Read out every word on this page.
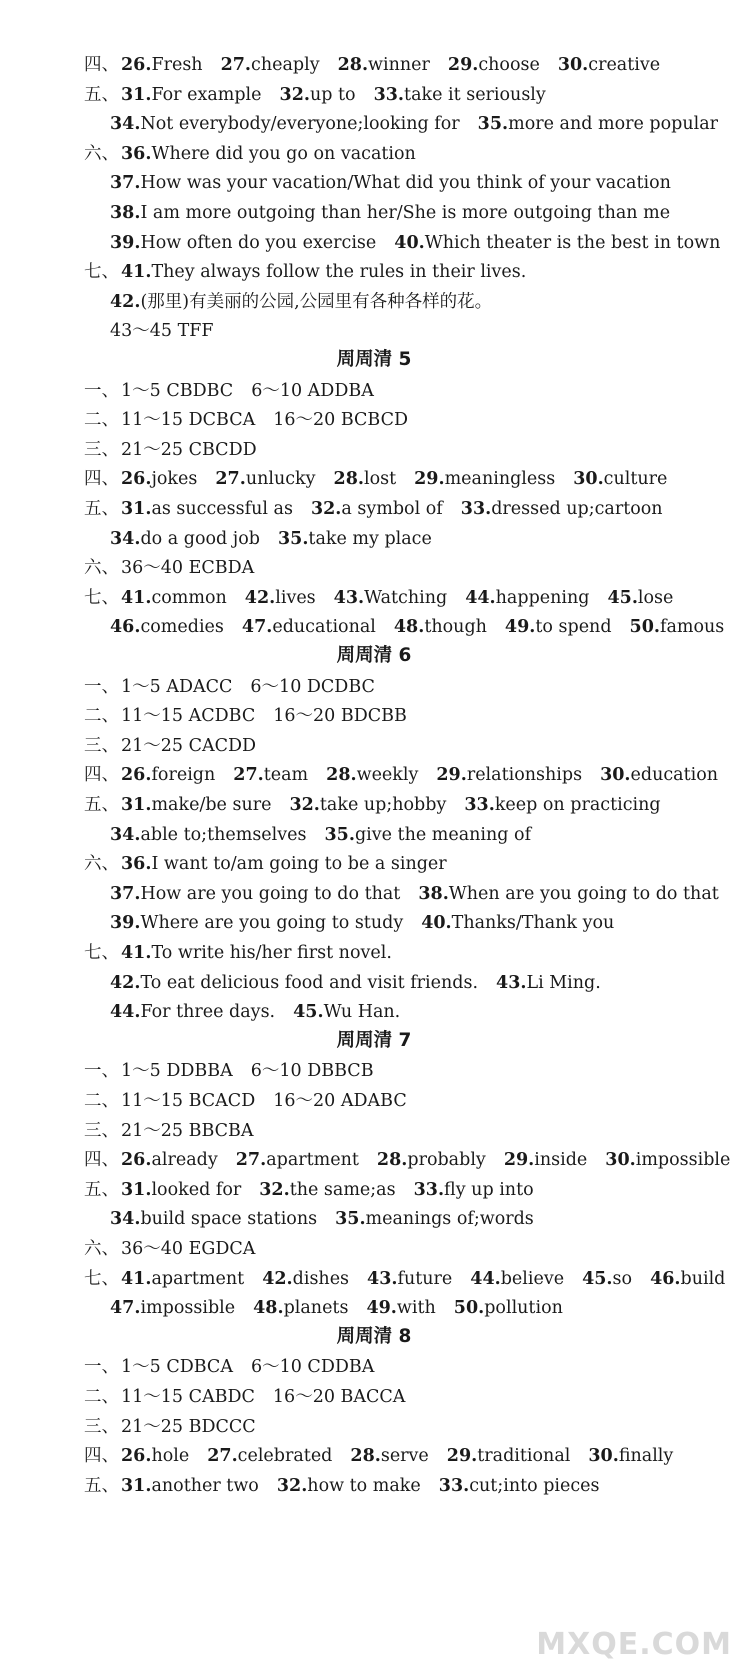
MXQE.COM
四、 26.Fresh 27.cheaply 28.winner 29.choose 30.creative
五、 31.For example 32.up to 33.take it seriously
34.Not everybody/everyone;looking for 35.more and more popular
六、 36.Where did you go on vacation
37.How was your vacation/What did you think of your vacation
38.I am more outgoing than her/She is more outgoing than me
39.How often do you exercise 40.Which theater is the best in town
七、 41.They always follow the rules in their lives.
42.(那里)有美丽的公园,公园里有各种各样的花。
43～45 TFF
周周清 5
一、 1～5 CBDBC 6～10 ADDBA
二、 11～15 DCBCA 16～20 BCBCD
三、 21～25 CBCDD
四、 26.jokes 27.unlucky 28.lost 29.meaningless 30.culture
五、 31.as successful as 32.a symbol of 33.dressed up;cartoon
34.do a good job 35.take my place
六、 36～40 ECBDA
七、 41.common 42.lives 43.Watching 44.happening 45.lose
46.comedies 47.educational 48.though 49.to spend 50.famous
周周清 6
一、 1～5 ADACC 6～10 DCDBC
二、 11～15 ACDBC 16～20 BDCBB
三、 21～25 CACDD
四、 26.foreign 27.team 28.weekly 29.relationships 30.education
五、 31.make/be sure 32.take up;hobby 33.keep on practicing
34.able to;themselves 35.give the meaning of
六、 36.I want to/am going to be a singer
37.How are you going to do that 38.When are you going to do that
39.Where are you going to study 40.Thanks/Thank you
七、 41.To write his/her first novel.
42.To eat delicious food and visit friends. 43.Li Ming.
44.For three days. 45.Wu Han.
周周清 7
一、 1～5 DDBBA 6～10 DBBCB
二、 11～15 BCACD 16～20 ADABC
三、 21～25 BBCBA
四、 26.already 27.apartment 28.probably 29.inside 30.impossible
五、 31.looked for 32.the same;as 33.fly up into
34.build space stations 35.meanings of;words
六、 36～40 EGDCA
七、 41.apartment 42.dishes 43.future 44.believe 45.so 46.build
47.impossible 48.planets 49.with 50.pollution
周周清 8
一、 1～5 CDBCA 6～10 CDDBA
二、 11～15 CABDC 16～20 BACCA
三、 21～25 BDCCC
四、 26.hole 27.celebrated 28.serve 29.traditional 30.finally
五、 31.another two 32.how to make 33.cut;into pieces
